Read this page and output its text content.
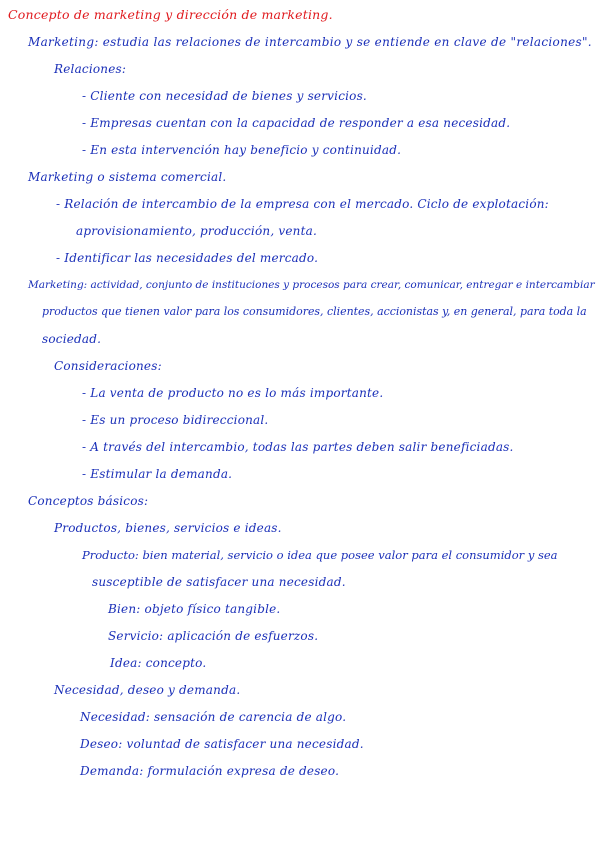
Concepto de marketing y dirección de marketing.
Marketing: estudia las relaciones de intercambio y se entiende en clave de "relaciones".
Relaciones:
- Cliente con necesidad de bienes y servicios.
- Empresas cuentan con la capacidad de responder a esa necesidad.
- En esta intervención hay beneficio y continuidad.
Marketing o sistema comercial.
- Relación de intercambio de la empresa con el mercado. Ciclo de explotación:
aprovisionamiento, producción, venta.
- Identificar las necesidades del mercado.
Marketing: actividad, conjunto de instituciones y procesos para crear, comunicar, entregar e intercambiar
productos que tienen valor para los consumidores, clientes, accionistas y, en general, para toda la
sociedad.
Consideraciones:
- La venta de producto no es lo más importante.
- Es un proceso bidireccional.
- A través del intercambio, todas las partes deben salir beneficiadas.
- Estimular la demanda.
Conceptos básicos:
Productos, bienes, servicios e ideas.
Producto: bien material, servicio o idea que posee valor para el consumidor y sea
susceptible de satisfacer una necesidad.
Bien: objeto físico tangible.
Servicio: aplicación de esfuerzos.
Idea: concepto.
Necesidad, deseo y demanda.
Necesidad: sensación de carencia de algo.
Deseo: voluntad de satisfacer una necesidad.
Demanda: formulación expresa de deseo.
